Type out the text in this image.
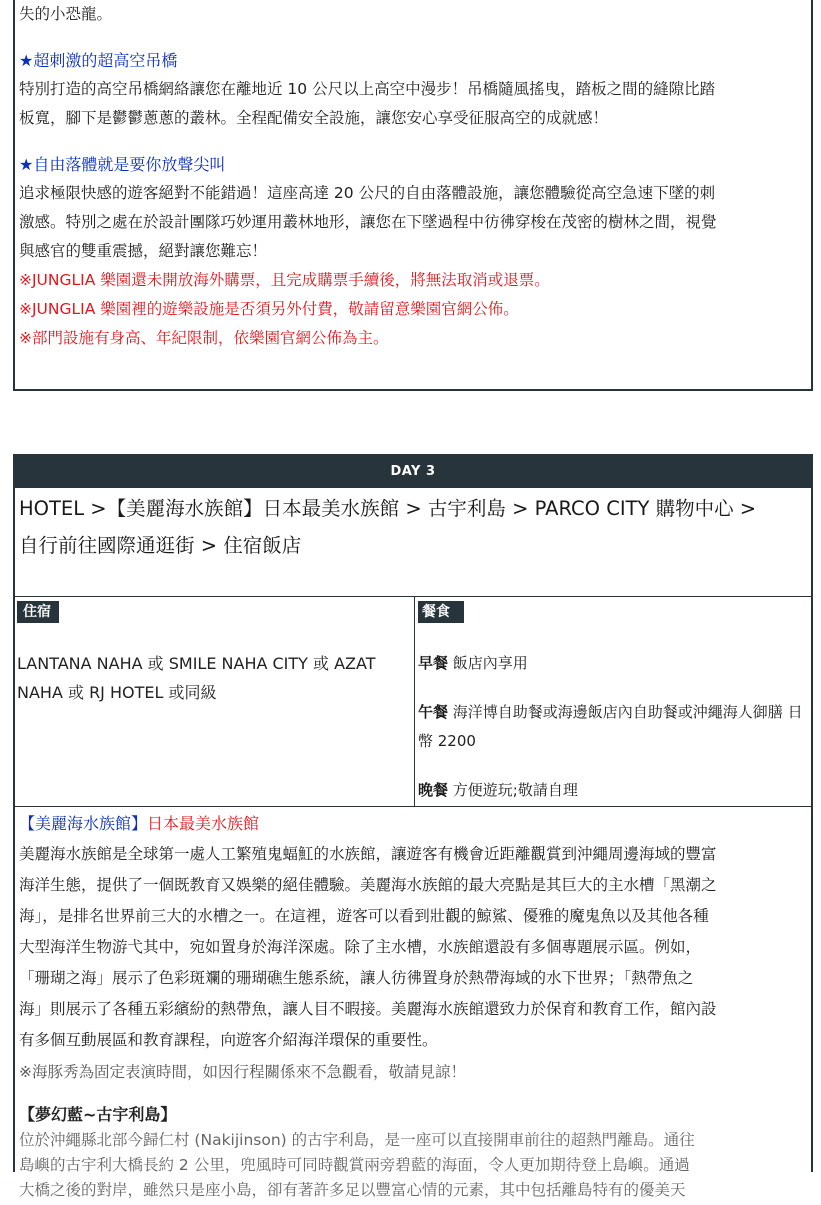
失的小恐龍。
★超刺激的超高空吊橋
特別打造的高空吊橋網絡讓您在離地近 10 公尺以上高空中漫步！吊橋隨風搖曳，踏板之間的縫隙比踏
板寬，腳下是鬱鬱蔥蔥的叢林。全程配備安全設施，讓您安心享受征服高空的成就感！
★自由落體就是要你放聲尖叫
追求極限快感的遊客絕對不能錯過！這座高達 20 公尺的自由落體設施，讓您體驗從高空急速下墜的刺
激感。特別之處在於設計團隊巧妙運用叢林地形，讓您在下墜過程中彷彿穿梭在茂密的樹林之間，視覺
與感官的雙重震撼，絕對讓您難忘！
※JUNGLIA 樂園還未開放海外購票，且完成購票手續後，將無法取消或退票。
※JUNGLIA 樂園裡的遊樂設施是否須另外付費，敬請留意樂園官網公佈。
※部門設施有身高、年紀限制，依樂園官網公佈為主。
DAY 3
HOTEL >【美麗海水族館】日本最美水族館 > 古宇利島 > PARCO CITY 購物中心 >
自行前往國際通逛街 > 住宿飯店
住宿
LANTANA NAHA 或 SMILE NAHA CITY 或 AZAT NAHA 或 RJ HOTEL 或同級
餐食
早餐 飯店內享用
午餐 海洋博自助餐或海邊飯店內自助餐或沖繩海人御膳 日幣 2200
晚餐 方便遊玩;敬請自理
【美麗海水族館】日本最美水族館
美麗海水族館是全球第一處人工繁殖鬼蝠魟的水族館，讓遊客有機會近距離觀賞到沖繩周邊海域的豐富
海洋生態，提供了一個既教育又娛樂的絕佳體驗。美麗海水族館的最大亮點是其巨大的主水槽「黑潮之
海」，是排名世界前三大的水槽之一。在這裡，遊客可以看到壯觀的鯨鯊、優雅的魔鬼魚以及其他各種
大型海洋生物游弋其中，宛如置身於海洋深處。除了主水槽，水族館還設有多個專題展示區。例如，
「珊瑚之海」展示了色彩斑斕的珊瑚礁生態系統，讓人彷彿置身於熱帶海域的水下世界；「熱帶魚之
海」則展示了各種五彩繽紛的熱帶魚，讓人目不暇接。美麗海水族館還致力於保育和教育工作，館內設
有多個互動展區和教育課程，向遊客介紹海洋環保的重要性。
※海豚秀為固定表演時間，如因行程關係來不急觀看，敬請見諒！
【夢幻藍~古宇利島】
位於沖繩縣北部今歸仁村 (Nakijinson) 的古宇利島，是一座可以直接開車前往的超熱門離島。通往
島嶼的古宇利大橋長約 2 公里，兜風時可同時觀賞兩旁碧藍的海面，令人更加期待登上島嶼。通過
大橋之後的對岸，雖然只是座小島，卻有著許多足以豐富心情的元素，其中包括離島特有的優美天
